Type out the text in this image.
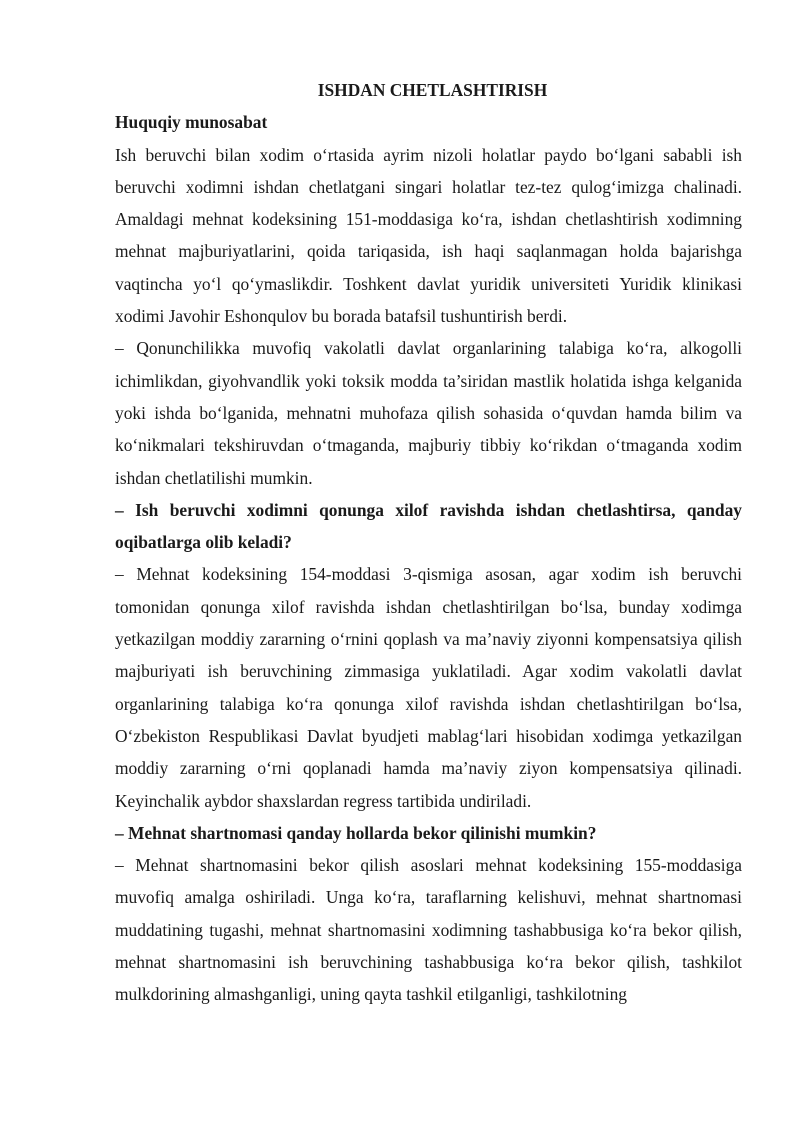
ISHDAN CHETLASHTIRISH
Huquqiy munosabat

Ish beruvchi bilan xodim o‘rtasida ayrim nizoli holatlar paydo bo‘lgani sababli ish beruvchi xodimni ishdan chetlatgani singari holatlar tez-tez qulog‘imizga chalinadi. Amaldagi mehnat kodeksining 151-moddasiga ko‘ra, ishdan chetlashtirish xodimning mehnat majburiyatlarini, qoida tariqasida, ish haqi saqlanmagan holda bajarishga vaqtincha yo‘l qo‘ymaslikdir. Toshkent davlat yuridik universiteti Yuridik klinikasi xodimi Javohir Eshonqulov bu borada batafsil tushuntirish berdi.

– Qonunchilikka muvofiq vakolatli davlat organlarining talabiga ko‘ra, alkogolli ichimlikdan, giyohvandlik yoki toksik modda ta’siridan mastlik holatida ishga kelganida yoki ishda bo‘lganida, mehnatni muhofaza qilish sohasida o‘quvdan hamda bilim va ko‘nikmalari tekshiruvdan o‘tmaganda, majburiy tibbiy ko‘rikdan o‘tmaganda xodim ishdan chetlatilishi mumkin.

– Ish beruvchi xodimni qonunga xilof ravishda ishdan chetlashtirsa, qanday oqibatlarga olib keladi?

– Mehnat kodeksining 154-moddasi 3-qismiga asosan, agar xodim ish beruvchi tomonidan qonunga xilof ravishda ishdan chetlashtirilgan bo‘lsa, bunday xodimga yetkazilgan moddiy zararning o‘rnini qoplash va ma’naviy ziyonni kompensatsiya qilish majburiyati ish beruvchining zimmasiga yuklatiladi. Agar xodim vakolatli davlat organlarining talabiga ko‘ra qonunga xilof ravishda ishdan chetlashtirilgan bo‘lsa, O‘zbekiston Respublikasi Davlat byudjeti mablag‘lari hisobidan xodimga yetkazilgan moddiy zararning o‘rni qoplanadi hamda ma’naviy ziyon kompensatsiya qilinadi. Keyinchalik aybdor shaxslardan regress tartibida undiriladi.

– Mehnat shartnomasi qanday hollarda bekor qilinishi mumkin?

– Mehnat shartnomasini bekor qilish asoslari mehnat kodeksining 155-moddasiga muvofiq amalga oshiriladi. Unga ko‘ra, taraflarning kelishuvi, mehnat shartnomasi muddatining tugashi, mehnat shartnomasini xodimning tashabbusiga ko‘ra bekor qilish, mehnat shartnomasini ish beruvchining tashabbusiga ko‘ra bekor qilish, tashkilot mulkdorining almashganligi, uning qayta tashkil etilganligi, tashkilotning
